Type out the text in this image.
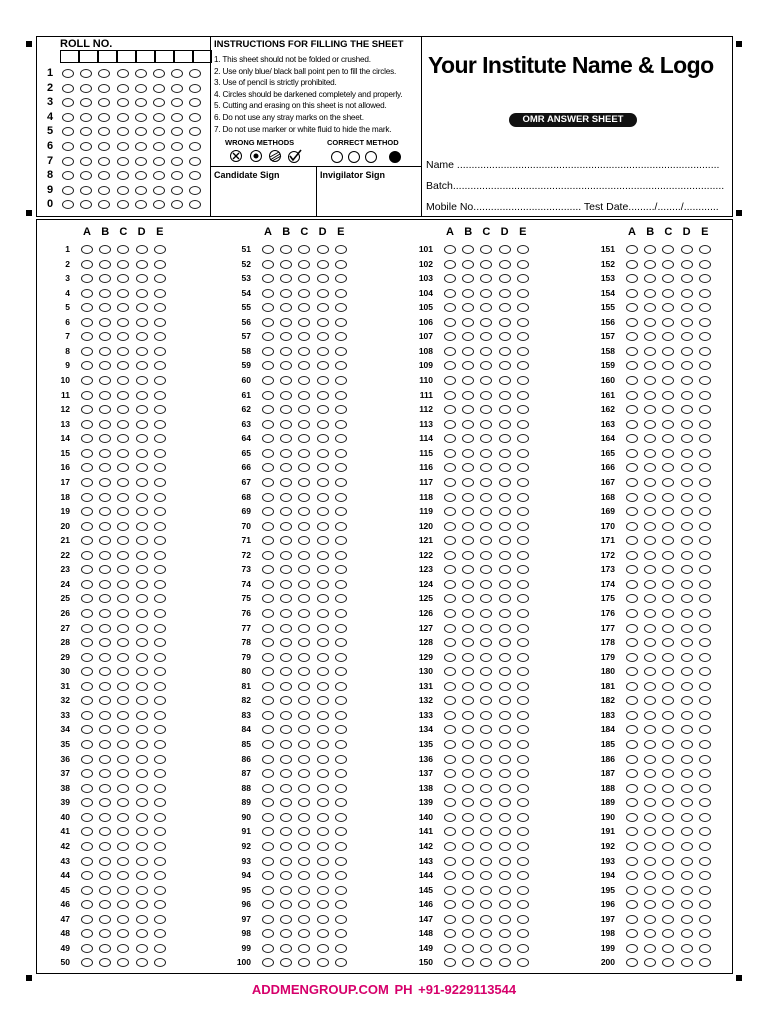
ROLL NO.
1
2
3
4
5
6
7
8
9
0
INSTRUCTIONS FOR FILLING THE SHEET
1. This sheet should not be folded or crushed.
2. Use only blue/ black ball point pen to fill the circles.
3. Use of pencil is strictly prohibited.
4. Circles should be darkened completely and properly.
5. Cutting and erasing on this sheet is not allowed.
6. Do not use any stray marks on the sheet.
7. Do not use marker or white fluid to hide the mark.
WRONG METHODS	CORRECT METHOD
Candidate Sign	Invigilator Sign
Your Institute Name & Logo
OMR ANSWER SHEET
Name ..........................................................................................
Batch.............................................................................................
Mobile No..................................... Test Date........./......../............
A B C D E
1
2
3
4
5
6
7
8
9
10
11
12
13
14
15
16
17
18
19
20
21
22
23
24
25
26
27
28
29
30
31
32
33
34
35
36
37
38
39
40
41
42
43
44
45
46
47
48
49
50
A B C D E
51
52
53
54
55
56
57
58
59
60
61
62
63
64
65
66
67
68
69
70
71
72
73
74
75
76
77
78
79
80
81
82
83
84
85
86
87
88
89
90
91
92
93
94
95
96
97
98
99
100
A B C D E
101
102
103
104
105
106
107
108
109
110
111
112
113
114
115
116
117
118
119
120
121
122
123
124
125
126
127
128
129
130
131
132
133
134
135
136
137
138
139
140
141
142
143
144
145
146
147
148
149
150
A B C D E
151
152
153
154
155
156
157
158
159
160
161
162
163
164
165
166
167
168
169
170
171
172
173
174
175
176
177
178
179
180
181
182
183
184
185
186
187
188
189
190
191
192
193
194
195
196
197
198
199
200
ADDMENGROUP.COM PH +91-9229113544
